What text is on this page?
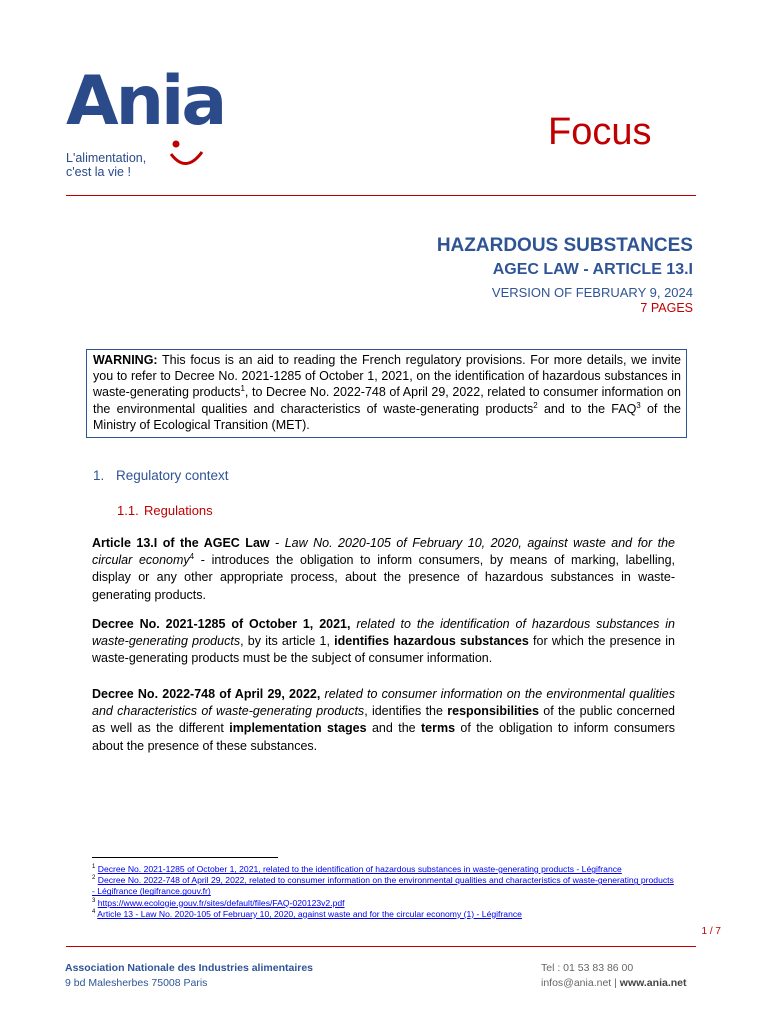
Ania
L'alimentation,
c'est la vie !
Focus
HAZARDOUS SUBSTANCES
AGEC LAW - ARTICLE 13.I
VERSION OF FEBRUARY 9, 2024
7 PAGES
WARNING: This focus is an aid to reading the French regulatory provisions. For more details, we invite you to refer to Decree No. 2021-1285 of October 1, 2021, on the identification of hazardous substances in waste-generating products$^1$, to Decree No. 2022-748 of April 29, 2022, related to consumer information on the environmental qualities and characteristics of waste-generating products$^2$ and to the FAQ$^3$ of the Ministry of Ecological Transition (MET).
1. Regulatory context
1.1. Regulations
Article 13.I of the AGEC Law - Law No. 2020-105 of February 10, 2020, against waste and for the circular economy$^4$ - introduces the obligation to inform consumers, by means of marking, labelling, display or any other appropriate process, about the presence of hazardous substances in waste-generating products.
Decree No. 2021-1285 of October 1, 2021, related to the identification of hazardous substances in waste-generating products, by its article 1, identifies hazardous substances for which the presence in waste-generating products must be the subject of consumer information.
Decree No. 2022-748 of April 29, 2022, related to consumer information on the environmental qualities and characteristics of waste-generating products, identifies the responsibilities of the public concerned as well as the different implementation stages and the terms of the obligation to inform consumers about the presence of these substances.

$^1$ Decree No. 2021-1285 of October 1, 2021, related to the identification of hazardous substances in waste-generating products - Légifrance

$^2$ Decree No. 2022-748 of April 29, 2022, related to consumer information on the environmental qualities and characteristics of waste-generating products - Légifrance (legifrance.gouv.fr)

$^3$ https://www.ecologie.gouv.fr/sites/default/files/FAQ-020123v2.pdf

$^4$ Article 13 - Law No. 2020-105 of February 10, 2020, against waste and for the circular economy (1) - Légifrance

1 / 7
Association Nationale des Industries alimentaires
9 bd Malesherbes 75008 Paris
Tel : 01 53 83 86 00
infos@ania.net | www.ania.net
